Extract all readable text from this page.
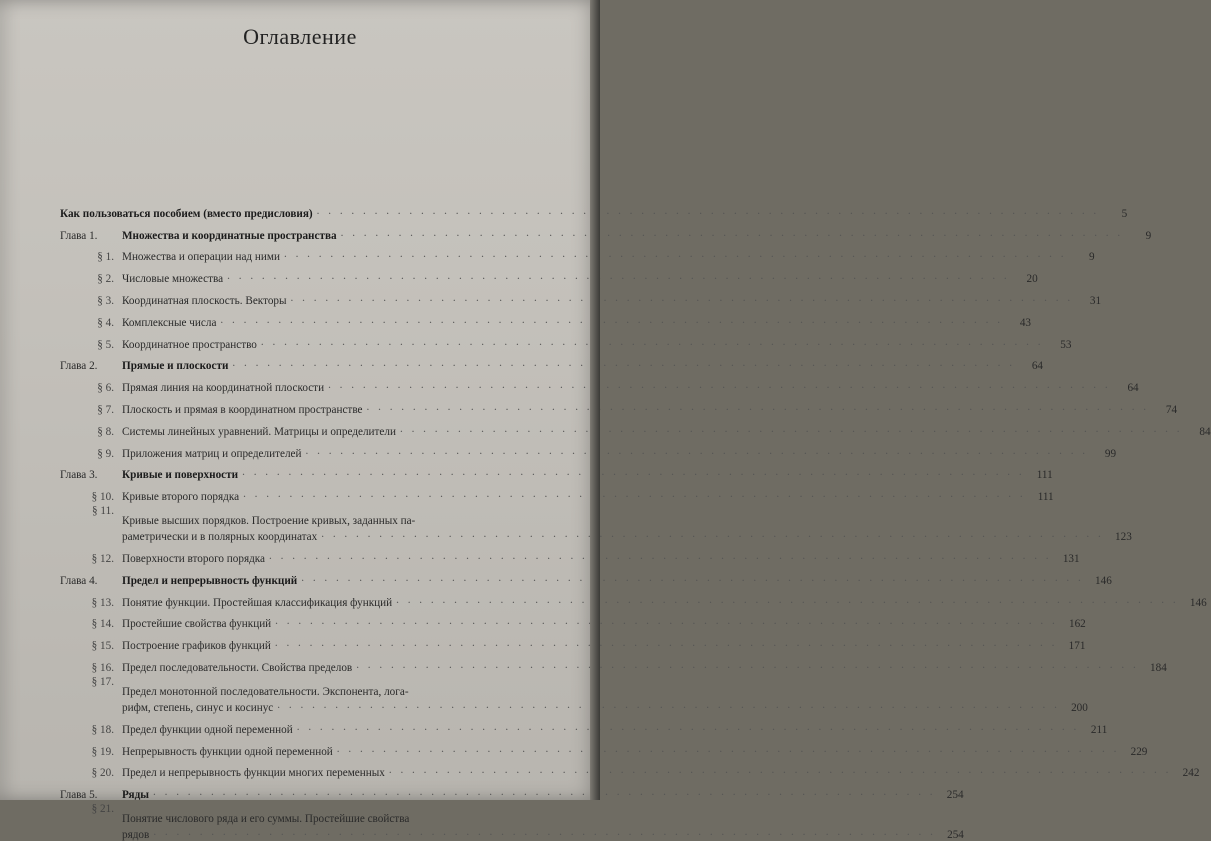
Оглавление
Как пользоваться пособием (вместо предисловия) . . .	5
Глава 1.	Множества и координатные пространства . . .	9
§ 1. Множества и операции над ними . . .	9
§ 2. Числовые множества . . .	20
§ 3. Координатная плоскость. Векторы . . .	31
§ 4. Комплексные числа . . .	43
§ 5. Координатное пространство . . .	53
Глава 2.	Прямые и плоскости . . .	64
§ 6. Прямая линия на координатной плоскости . . .	64
§ 7. Плоскость и прямая в координатном пространстве . . .	74
§ 8. Системы линейных уравнений. Матрицы и определители . . .	84
§ 9. Приложения матриц и определителей . . .	99
Глава 3.	Кривые и поверхности . . .	111
§ 10. Кривые второго порядка . . .	111
§ 11.
Кривые высших порядков. Построение кривых, заданных па-
раметрически и в полярных координатах . . .	123
§ 12. Поверхности второго порядка . . .	131
Глава 4.	Предел и непрерывность функций . . .	146
§ 13. Понятие функции. Простейшая классификация функций . . .	146
§ 14. Простейшие свойства функций . . .	162
§ 15. Построение графиков функций . . .	171
§ 16. Предел последовательности. Свойства пределов . . .	184
§ 17.
Предел монотонной последовательности. Экспонента, лога-
рифм, степень, синус и косинус . . .	200
§ 18. Предел функции одной переменной . . .	211
§ 19. Непрерывность функции одной переменной . . .	229
§ 20. Предел и непрерывность функции многих переменных . . .	242
Глава 5.	Ряды . . .	254
§ 21.
Понятие числового ряда и его суммы. Простейшие свойства
рядов . . .	254
